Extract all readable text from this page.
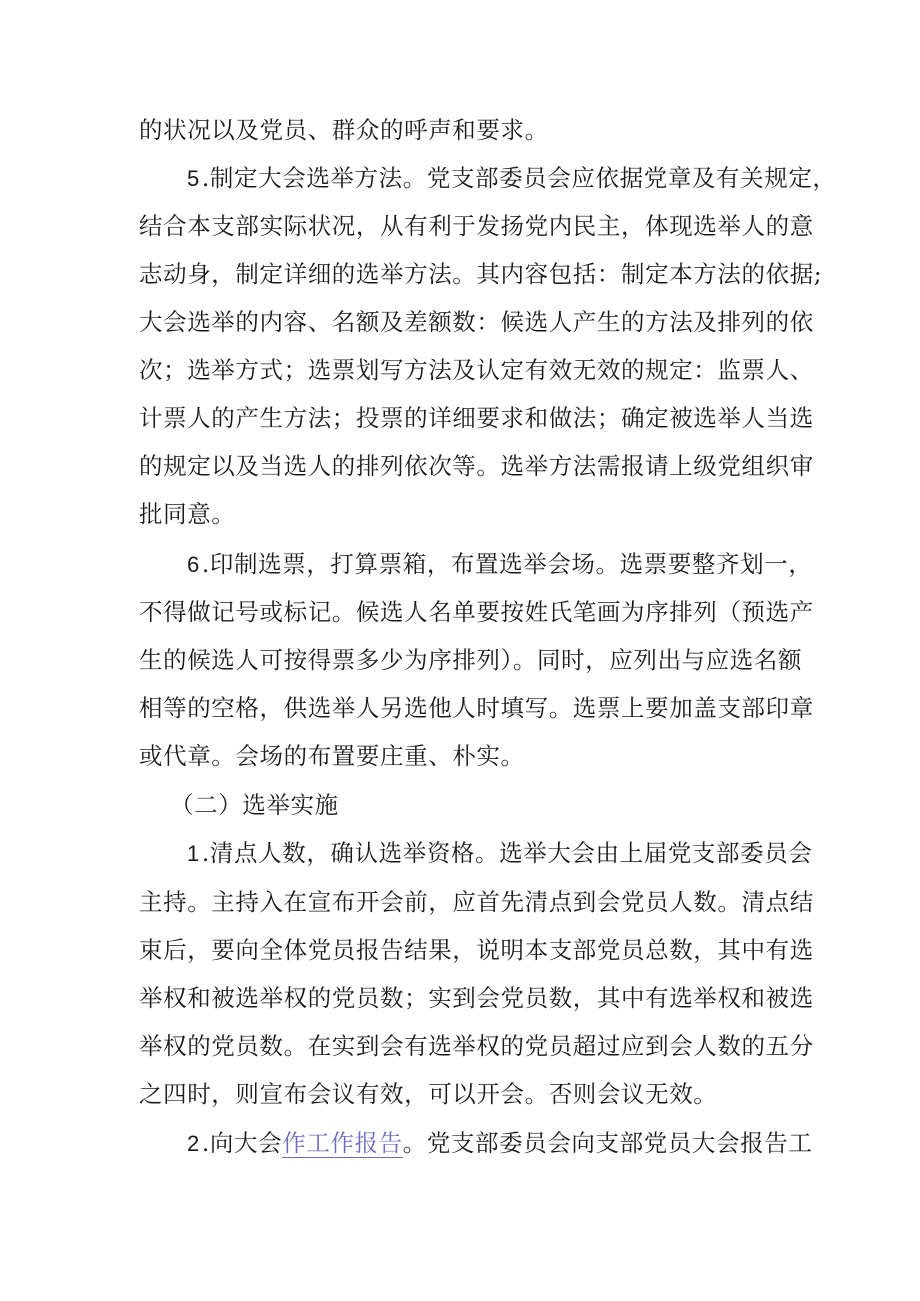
的状况以及党员、群众的呼声和要求。
5.制定大会选举方法。党支部委员会应依据党章及有关规定，
结合本支部实际状况，从有利于发扬党内民主，体现选举人的意
志动身，制定详细的选举方法。其内容包括：制定本方法的依据;
大会选举的内容、名额及差额数：候选人产生的方法及排列的依
次；选举方式；选票划写方法及认定有效无效的规定：监票人、
计票人的产生方法；投票的详细要求和做法；确定被选举人当选
的规定以及当选人的排列依次等。选举方法需报请上级党组织审
批同意。
6.印制选票，打算票箱，布置选举会场。选票要整齐划一，
不得做记号或标记。候选人名单要按姓氏笔画为序排列（预选产
生的候选人可按得票多少为序排列）。同时，应列出与应选名额
相等的空格，供选举人另选他人时填写。选票上要加盖支部印章
或代章。会场的布置要庄重、朴实。
（二）选举实施
1.清点人数，确认选举资格。选举大会由上届党支部委员会
主持。主持入在宣布开会前，应首先清点到会党员人数。清点结
束后，要向全体党员报告结果，说明本支部党员总数，其中有选
举权和被选举权的党员数；实到会党员数，其中有选举权和被选
举权的党员数。在实到会有选举权的党员超过应到会人数的五分
之四时，则宣布会议有效，可以开会。否则会议无效。
2.向大会作工作报告。党支部委员会向支部党员大会报告工
